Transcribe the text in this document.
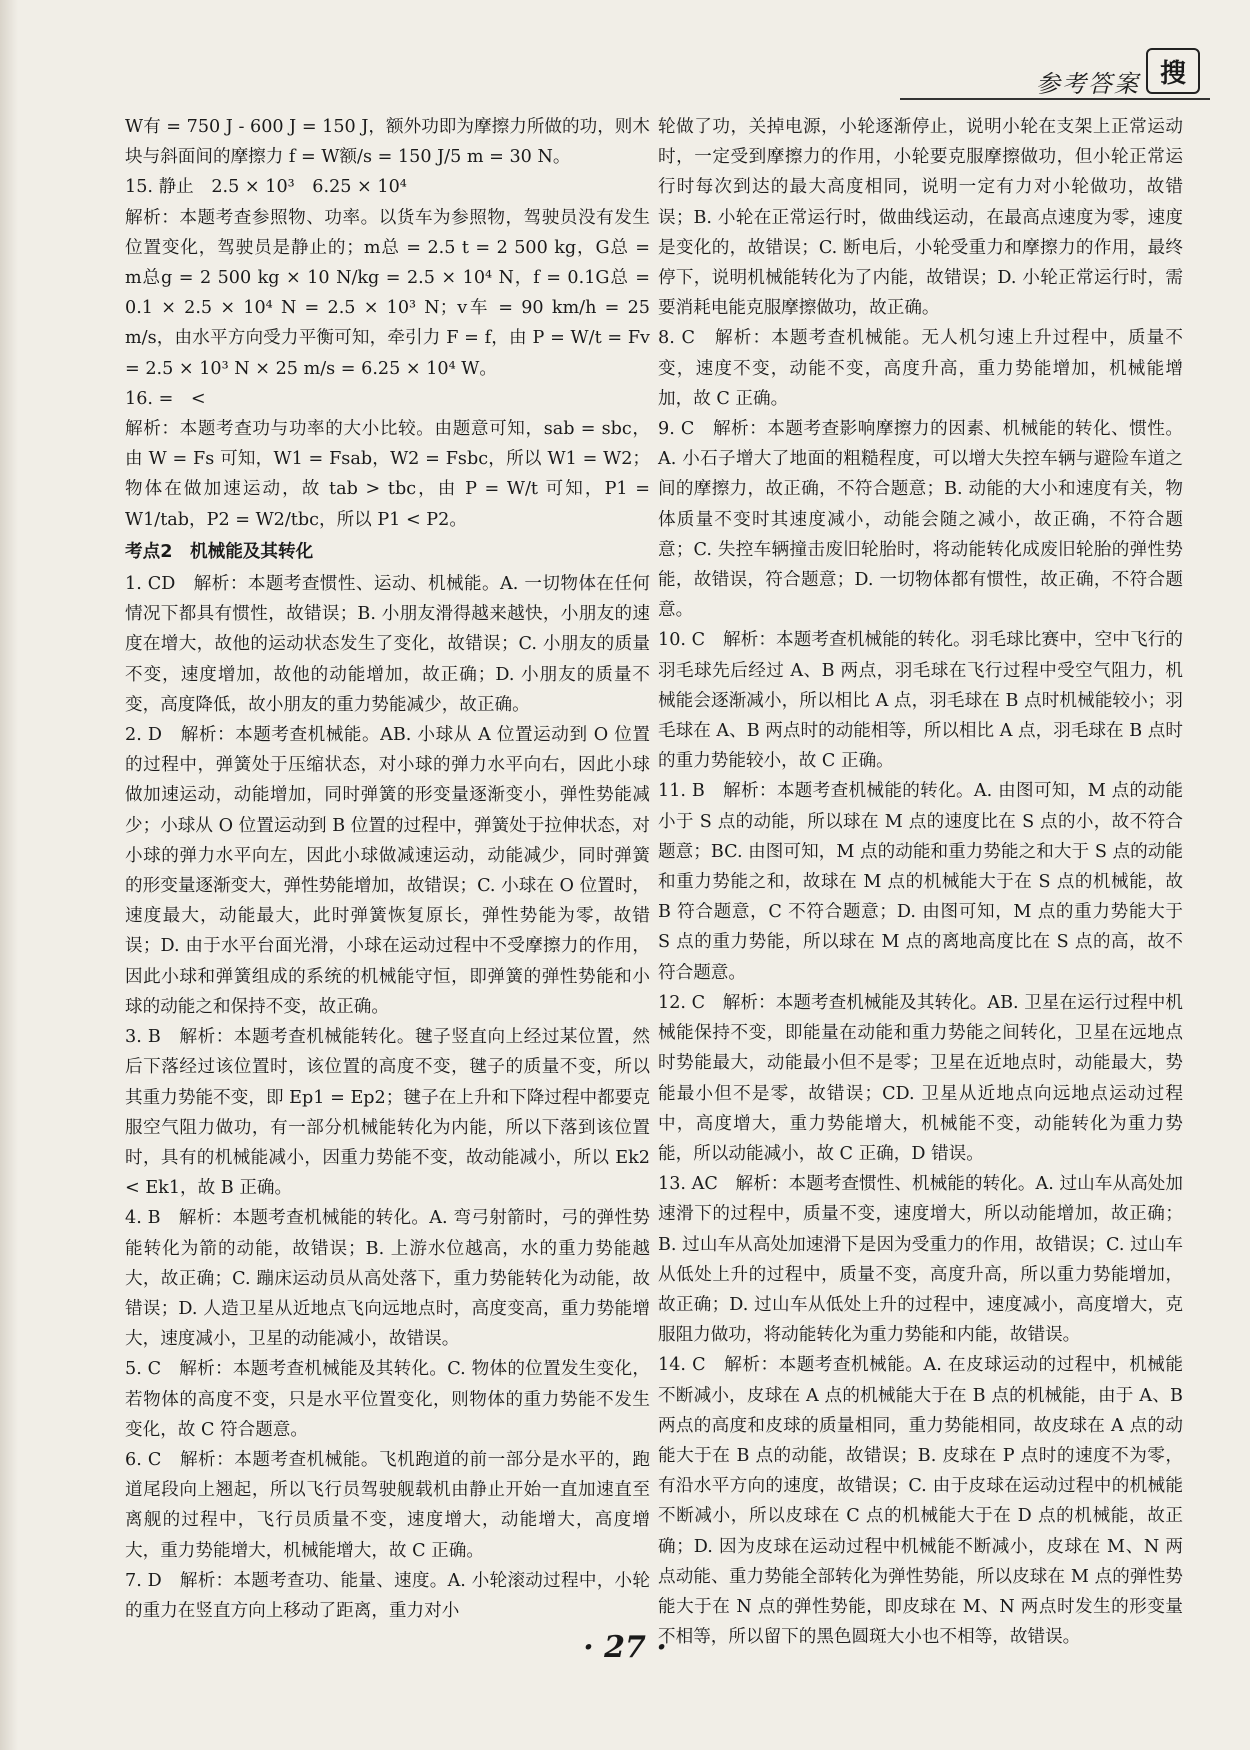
参考答案 搜

W有 = 750 J - 600 J = 150 J，额外功即为摩擦力所做的功，则木块与斜面间的摩擦力 f = W额/s = 150 J/5 m = 30 N。

15. 静止　2.5 × 10³　6.25 × 10⁴

解析：本题考查参照物、功率。以货车为参照物，驾驶员没有发生位置变化，驾驶员是静止的；m总 = 2.5 t = 2 500 kg，G总 = m总g = 2 500 kg × 10 N/kg = 2.5 × 10⁴ N，f = 0.1G总 = 0.1 × 2.5 × 10⁴ N = 2.5 × 10³ N；v车 = 90 km/h = 25 m/s，由水平方向受力平衡可知，牵引力 F = f，由 P = W/t = Fv = 2.5 × 10³ N × 25 m/s = 6.25 × 10⁴ W。

16. =　<

解析：本题考查功与功率的大小比较。由题意可知，sab = sbc，由 W = Fs 可知，W1 = Fsab，W2 = Fsbc，所以 W1 = W2；物体在做加速运动，故 tab > tbc，由 P = W/t 可知，P1 = W1/tab，P2 = W2/tbc，所以 P1 < P2。

考点2　机械能及其转化

1. CD　解析：本题考查惯性、运动、机械能。A. 一切物体在任何情况下都具有惯性，故错误；B. 小朋友滑得越来越快，小朋友的速度在增大，故他的运动状态发生了变化，故错误；C. 小朋友的质量不变，速度增加，故他的动能增加，故正确；D. 小朋友的质量不变，高度降低，故小朋友的重力势能减少，故正确。

2. D　解析：本题考查机械能。AB. 小球从 A 位置运动到 O 位置的过程中，弹簧处于压缩状态，对小球的弹力水平向右，因此小球做加速运动，动能增加，同时弹簧的形变量逐渐变小，弹性势能减少；小球从 O 位置运动到 B 位置的过程中，弹簧处于拉伸状态，对小球的弹力水平向左，因此小球做减速运动，动能减少，同时弹簧的形变量逐渐变大，弹性势能增加，故错误；C. 小球在 O 位置时，速度最大，动能最大，此时弹簧恢复原长，弹性势能为零，故错误；D. 由于水平台面光滑，小球在运动过程中不受摩擦力的作用，因此小球和弹簧组成的系统的机械能守恒，即弹簧的弹性势能和小球的动能之和保持不变，故正确。

3. B　解析：本题考查机械能转化。毽子竖直向上经过某位置，然后下落经过该位置时，该位置的高度不变，毽子的质量不变，所以其重力势能不变，即 Ep1 = Ep2；毽子在上升和下降过程中都要克服空气阻力做功，有一部分机械能转化为内能，所以下落到该位置时，具有的机械能减小，因重力势能不变，故动能减小，所以 Ek2 < Ek1，故 B 正确。

4. B　解析：本题考查机械能的转化。A. 弯弓射箭时，弓的弹性势能转化为箭的动能，故错误；B. 上游水位越高，水的重力势能越大，故正确；C. 蹦床运动员从高处落下，重力势能转化为动能，故错误；D. 人造卫星从近地点飞向远地点时，高度变高，重力势能增大，速度减小，卫星的动能减小，故错误。

5. C　解析：本题考查机械能及其转化。C. 物体的位置发生变化，若物体的高度不变，只是水平位置变化，则物体的重力势能不发生变化，故 C 符合题意。

6. C　解析：本题考查机械能。飞机跑道的前一部分是水平的，跑道尾段向上翘起，所以飞行员驾驶舰载机由静止开始一直加速直至离舰的过程中，飞行员质量不变，速度增大，动能增大，高度增大，重力势能增大，机械能增大，故 C 正确。

7. D　解析：本题考查功、能量、速度。A. 小轮滚动过程中，小轮的重力在竖直方向上移动了距离，重力对小

轮做了功，关掉电源，小轮逐渐停止，说明小轮在支架上正常运动时，一定受到摩擦力的作用，小轮要克服摩擦做功，但小轮正常运行时每次到达的最大高度相同，说明一定有力对小轮做功，故错误；B. 小轮在正常运行时，做曲线运动，在最高点速度为零，速度是变化的，故错误；C. 断电后，小轮受重力和摩擦力的作用，最终停下，说明机械能转化为了内能，故错误；D. 小轮正常运行时，需要消耗电能克服摩擦做功，故正确。

8. C　解析：本题考查机械能。无人机匀速上升过程中，质量不变，速度不变，动能不变，高度升高，重力势能增加，机械能增加，故 C 正确。

9. C　解析：本题考查影响摩擦力的因素、机械能的转化、惯性。A. 小石子增大了地面的粗糙程度，可以增大失控车辆与避险车道之间的摩擦力，故正确，不符合题意；B. 动能的大小和速度有关，物体质量不变时其速度减小，动能会随之减小，故正确，不符合题意；C. 失控车辆撞击废旧轮胎时，将动能转化成废旧轮胎的弹性势能，故错误，符合题意；D. 一切物体都有惯性，故正确，不符合题意。

10. C　解析：本题考查机械能的转化。羽毛球比赛中，空中飞行的羽毛球先后经过 A、B 两点，羽毛球在飞行过程中受空气阻力，机械能会逐渐减小，所以相比 A 点，羽毛球在 B 点时机械能较小；羽毛球在 A、B 两点时的动能相等，所以相比 A 点，羽毛球在 B 点时的重力势能较小，故 C 正确。

11. B　解析：本题考查机械能的转化。A. 由图可知，M 点的动能小于 S 点的动能，所以球在 M 点的速度比在 S 点的小，故不符合题意；BC. 由图可知，M 点的动能和重力势能之和大于 S 点的动能和重力势能之和，故球在 M 点的机械能大于在 S 点的机械能，故 B 符合题意，C 不符合题意；D. 由图可知，M 点的重力势能大于 S 点的重力势能，所以球在 M 点的离地高度比在 S 点的高，故不符合题意。

12. C　解析：本题考查机械能及其转化。AB. 卫星在运行过程中机械能保持不变，即能量在动能和重力势能之间转化，卫星在远地点时势能最大，动能最小但不是零；卫星在近地点时，动能最大，势能最小但不是零，故错误；CD. 卫星从近地点向远地点运动过程中，高度增大，重力势能增大，机械能不变，动能转化为重力势能，所以动能减小，故 C 正确，D 错误。

13. AC　解析：本题考查惯性、机械能的转化。A. 过山车从高处加速滑下的过程中，质量不变，速度增大，所以动能增加，故正确；B. 过山车从高处加速滑下是因为受重力的作用，故错误；C. 过山车从低处上升的过程中，质量不变，高度升高，所以重力势能增加，故正确；D. 过山车从低处上升的过程中，速度减小，高度增大，克服阻力做功，将动能转化为重力势能和内能，故错误。

14. C　解析：本题考查机械能。A. 在皮球运动的过程中，机械能不断减小，皮球在 A 点的机械能大于在 B 点的机械能，由于 A、B 两点的高度和皮球的质量相同，重力势能相同，故皮球在 A 点的动能大于在 B 点的动能，故错误；B. 皮球在 P 点时的速度不为零，有沿水平方向的速度，故错误；C. 由于皮球在运动过程中的机械能不断减小，所以皮球在 C 点的机械能大于在 D 点的机械能，故正确；D. 因为皮球在运动过程中机械能不断减小，皮球在 M、N 两点动能、重力势能全部转化为弹性势能，所以皮球在 M 点的弹性势能大于在 N 点的弹性势能，即皮球在 M、N 两点时发生的形变量不相等，所以留下的黑色圆斑大小也不相等，故错误。

· 27 ·
